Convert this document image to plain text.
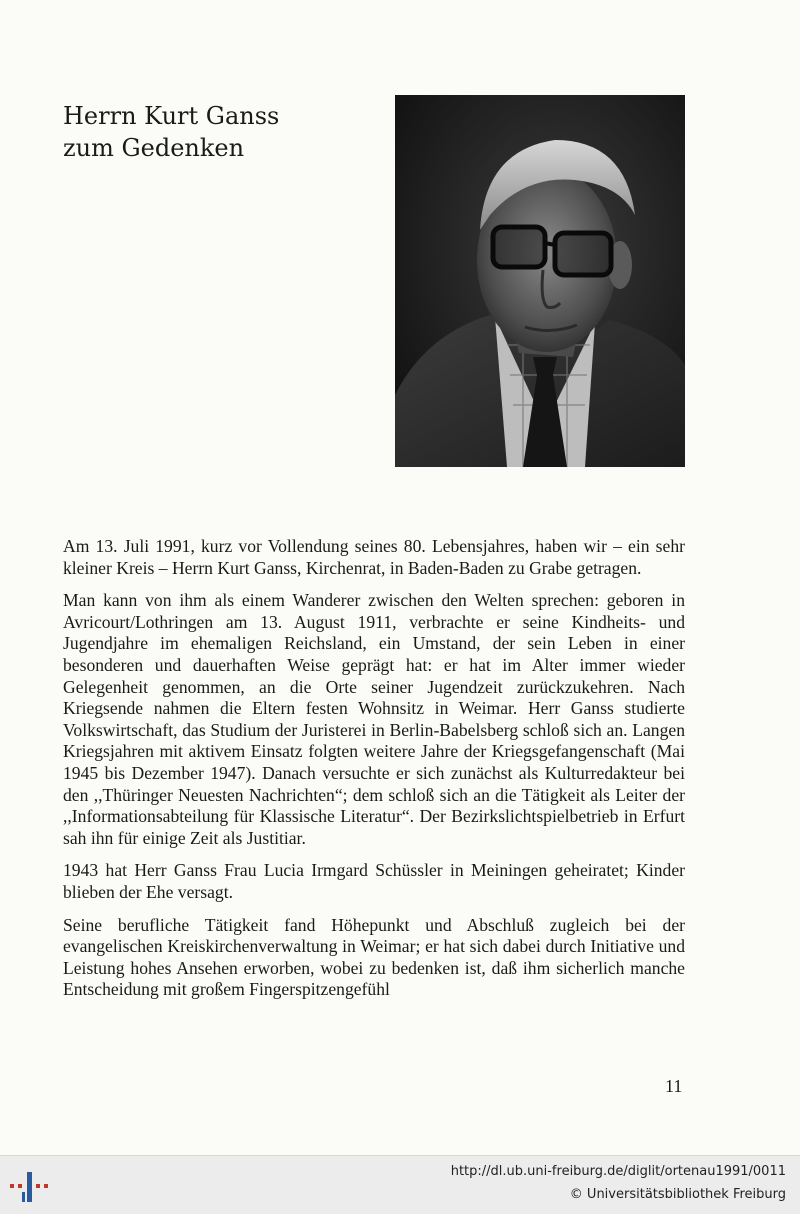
Herrn Kurt Ganss
zum Gedenken

Am 13. Juli 1991, kurz vor Vollendung seines 80. Lebensjahres, haben wir – ein sehr kleiner Kreis – Herrn Kurt Ganss, Kirchenrat, in Baden-Baden zu Grabe getragen.

Man kann von ihm als einem Wanderer zwischen den Welten sprechen: geboren in Avricourt/Lothringen am 13. August 1911, verbrachte er seine Kindheits- und Jugendjahre im ehemaligen Reichsland, ein Umstand, der sein Leben in einer besonderen und dauerhaften Weise geprägt hat: er hat im Alter immer wieder Gelegenheit genommen, an die Orte seiner Jugendzeit zurückzukehren. Nach Kriegsende nahmen die Eltern festen Wohnsitz in Weimar. Herr Ganss studierte Volkswirtschaft, das Studium der Juristerei in Berlin-Babelsberg schloß sich an. Langen Kriegsjahren mit aktivem Einsatz folgten weitere Jahre der Kriegsgefangenschaft (Mai 1945 bis Dezember 1947). Danach versuchte er sich zunächst als Kulturredakteur bei den ,,Thüringer Neuesten Nachrichten“; dem schloß sich an die Tätigkeit als Leiter der ,,Informationsabteilung für Klassische Literatur“. Der Bezirkslichtspielbetrieb in Erfurt sah ihn für einige Zeit als Justitiar.

1943 hat Herr Ganss Frau Lucia Irmgard Schüssler in Meiningen geheiratet; Kinder blieben der Ehe versagt.

Seine berufliche Tätigkeit fand Höhepunkt und Abschluß zugleich bei der evangelischen Kreiskirchenverwaltung in Weimar; er hat sich dabei durch Initiative und Leistung hohes Ansehen erworben, wobei zu bedenken ist, daß ihm sicherlich manche Entscheidung mit großem Fingerspitzengefühl

11
http://dl.ub.uni-freiburg.de/diglit/ortenau1991/0011
© Universitätsbibliothek Freiburg
